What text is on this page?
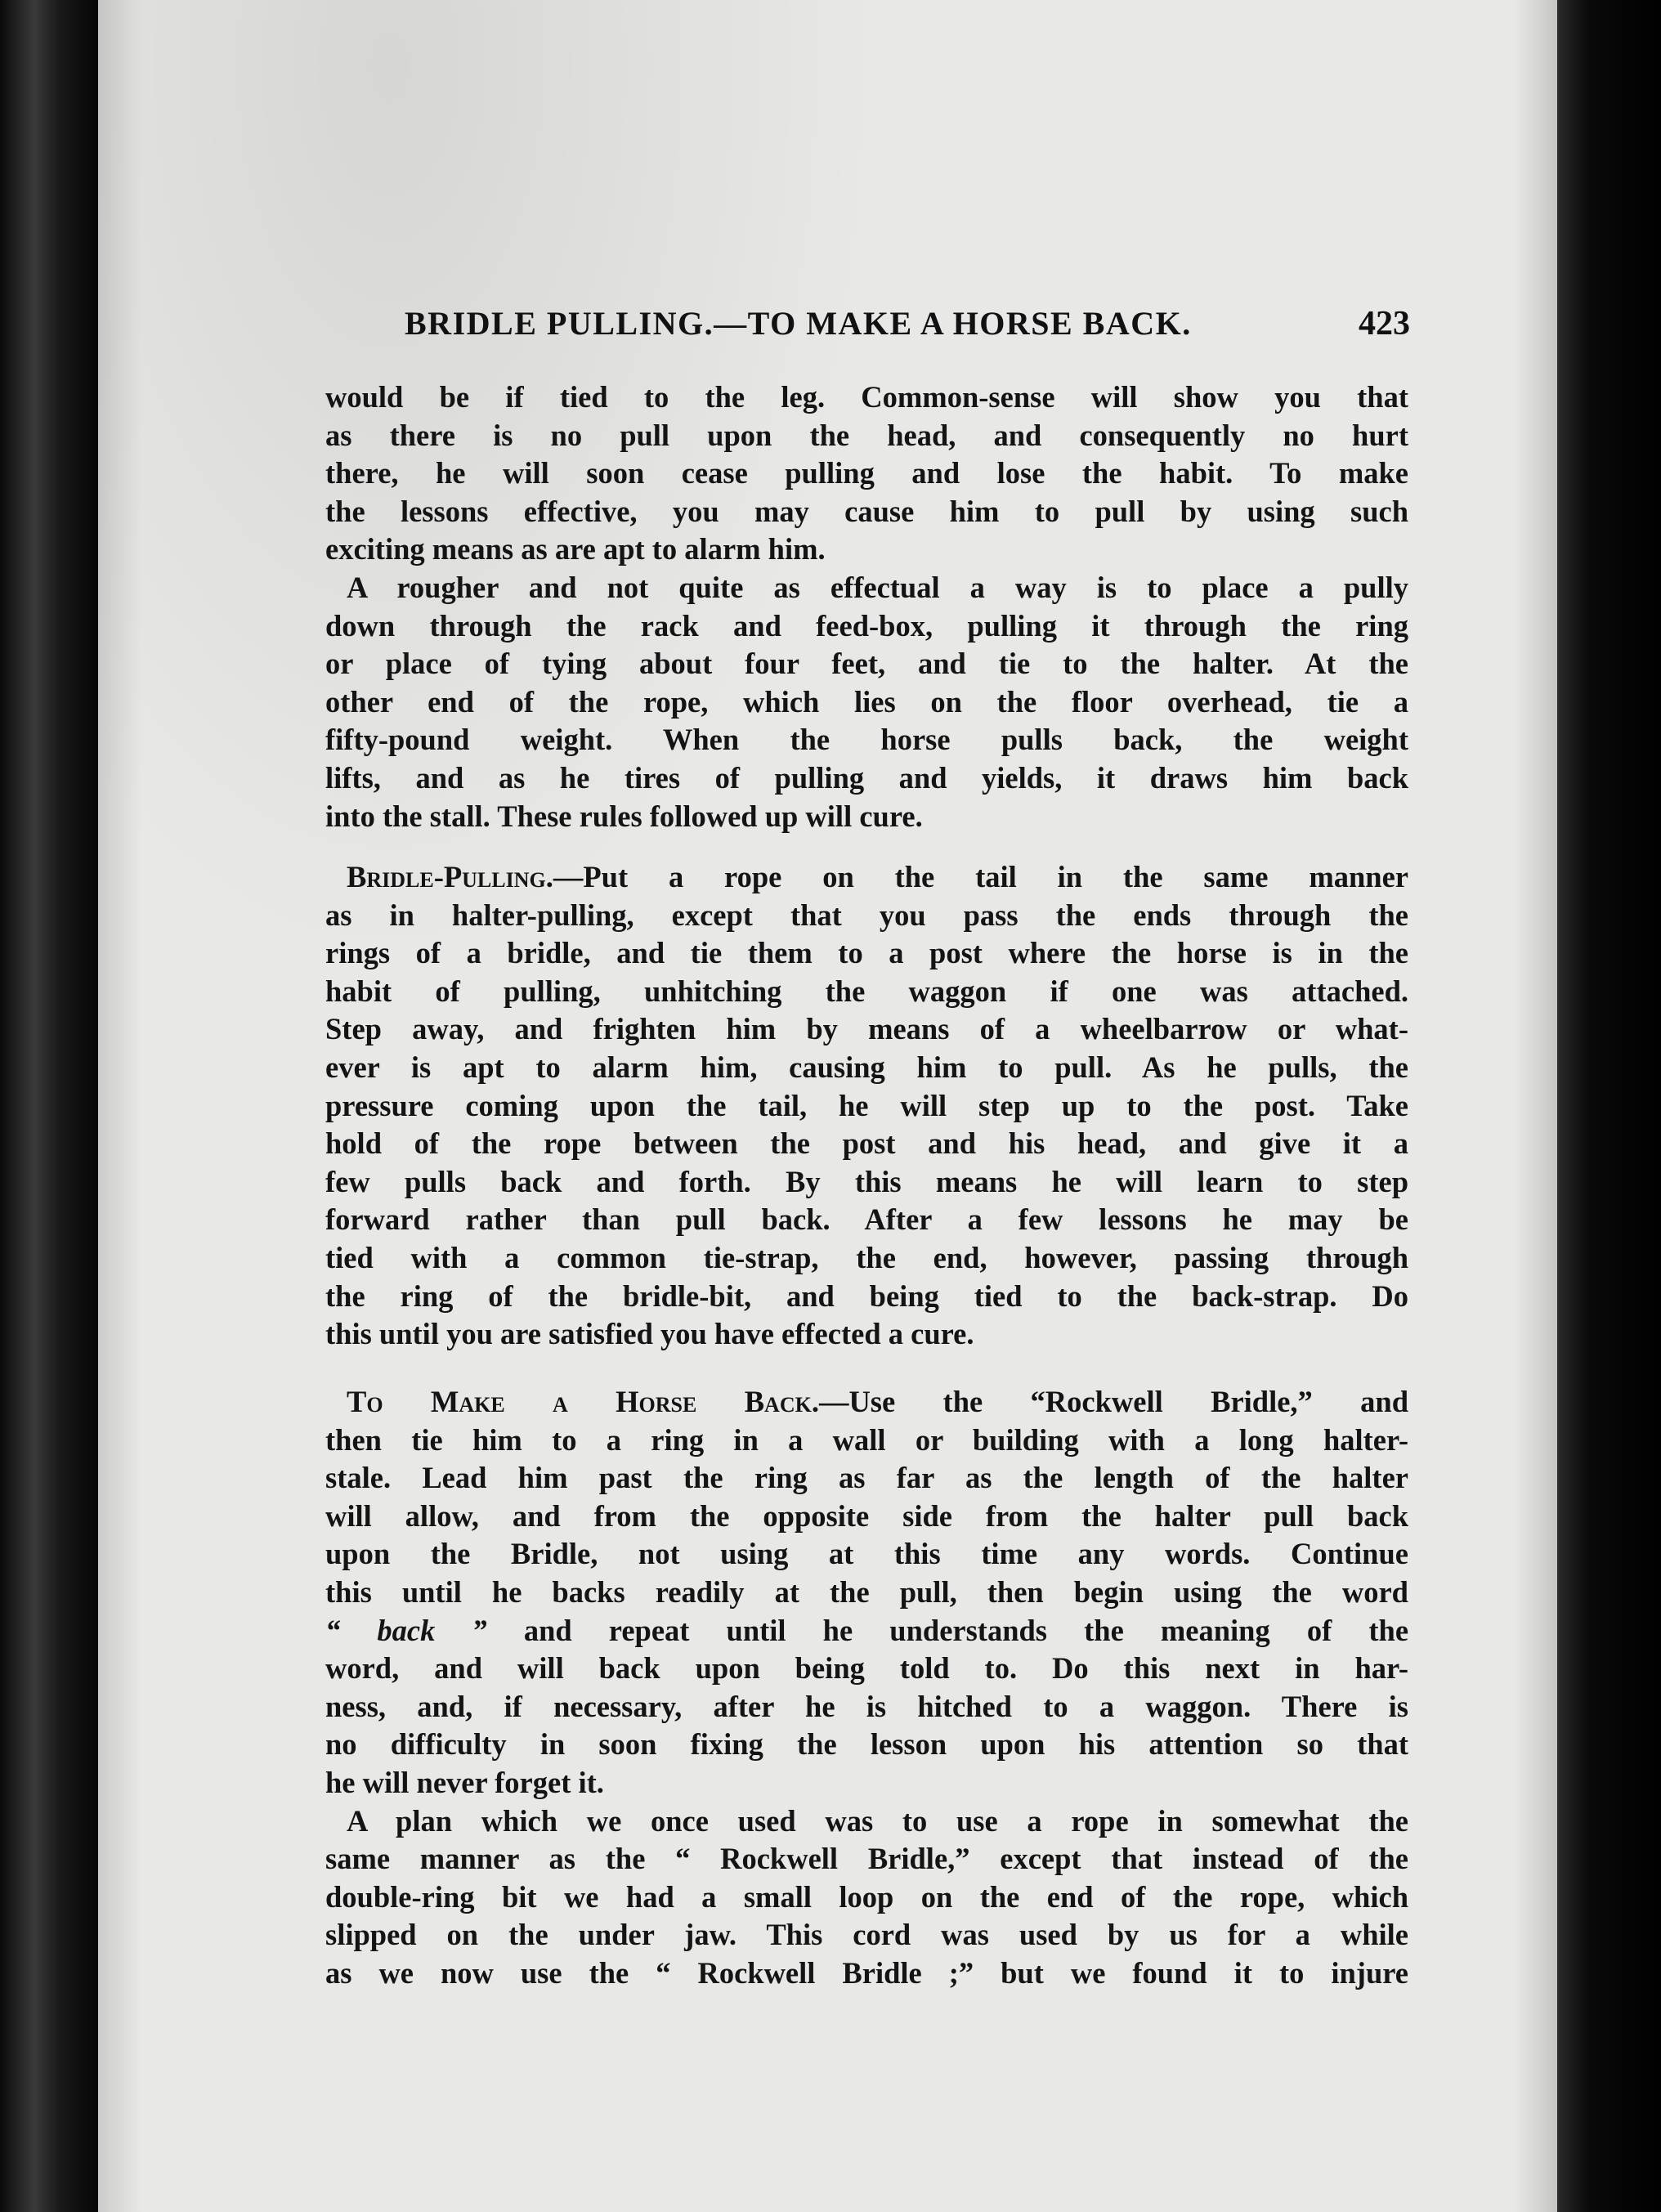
BRIDLE PULLING.—TO MAKE A HORSE BACK.	423
would be if tied to the leg. Common-sense will show you that
as there is no pull upon the head, and consequently no hurt
there, he will soon cease pulling and lose the habit. To make
the lessons effective, you may cause him to pull by using such
exciting means as are apt to alarm him.
A rougher and not quite as effectual a way is to place a pully
down through the rack and feed-box, pulling it through the ring
or place of tying about four feet, and tie to the halter. At the
other end of the rope, which lies on the floor overhead, tie a
fifty-pound weight. When the horse pulls back, the weight
lifts, and as he tires of pulling and yields, it draws him back
into the stall. These rules followed up will cure.
Bridle-Pulling.—Put a rope on the tail in the same manner
as in halter-pulling, except that you pass the ends through the
rings of a bridle, and tie them to a post where the horse is in the
habit of pulling, unhitching the waggon if one was attached.
Step away, and frighten him by means of a wheelbarrow or what-
ever is apt to alarm him, causing him to pull. As he pulls, the
pressure coming upon the tail, he will step up to the post. Take
hold of the rope between the post and his head, and give it a
few pulls back and forth. By this means he will learn to step
forward rather than pull back. After a few lessons he may be
tied with a common tie-strap, the end, however, passing through
the ring of the bridle-bit, and being tied to the back-strap. Do
this until you are satisfied you have effected a cure.
To Make a Horse Back.—Use the “Rockwell Bridle,” and
then tie him to a ring in a wall or building with a long halter-
stale. Lead him past the ring as far as the length of the halter
will allow, and from the opposite side from the halter pull back
upon the Bridle, not using at this time any words. Continue
this until he backs readily at the pull, then begin using the word
“ back ” and repeat until he understands the meaning of the
word, and will back upon being told to. Do this next in har-
ness, and, if necessary, after he is hitched to a waggon. There is
no difficulty in soon fixing the lesson upon his attention so that
he will never forget it.
A plan which we once used was to use a rope in somewhat the
same manner as the “ Rockwell Bridle,” except that instead of the
double-ring bit we had a small loop on the end of the rope, which
slipped on the under jaw. This cord was used by us for a while
as we now use the “ Rockwell Bridle ;” but we found it to injure
